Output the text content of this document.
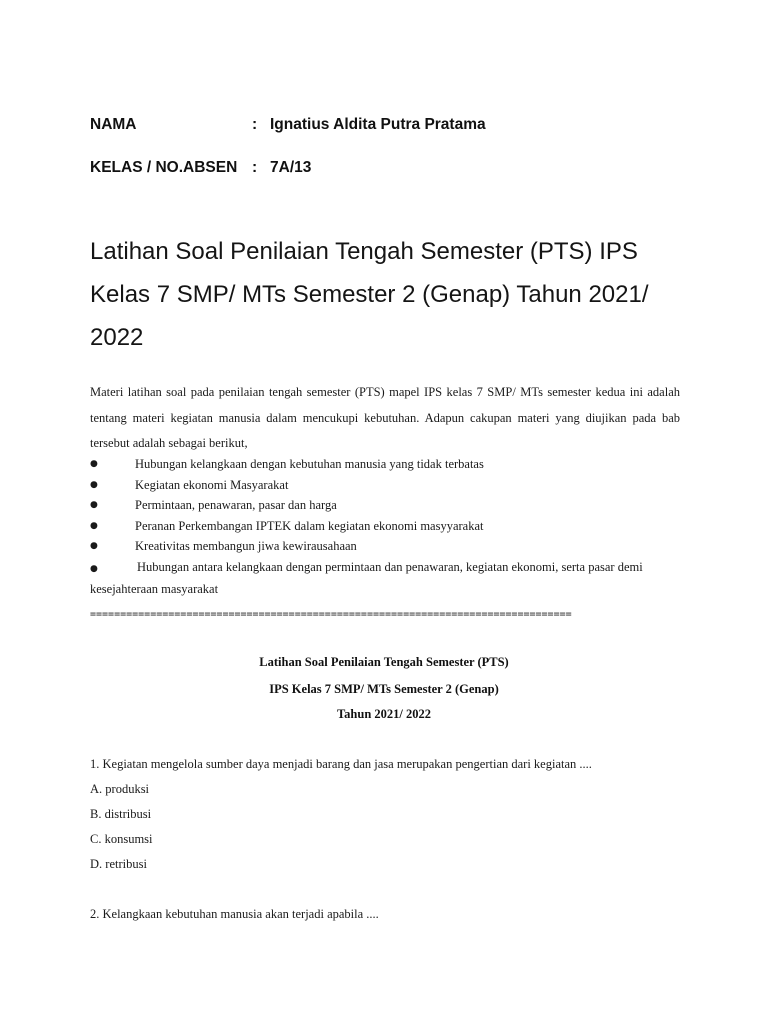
NAMA	: Ignatius Aldita Putra Pratama
KELAS / NO.ABSEN : 7A/13
Latihan Soal Penilaian Tengah Semester (PTS) IPS Kelas 7 SMP/ MTs Semester 2 (Genap) Tahun 2021/ 2022
Materi latihan soal pada penilaian tengah semester (PTS) mapel IPS kelas 7 SMP/ MTs semester kedua ini adalah tentang materi kegiatan manusia dalam mencukupi kebutuhan. Adapun cakupan materi yang diujikan pada bab tersebut adalah sebagai berikut,
●	Hubungan kelangkaan dengan kebutuhan manusia yang tidak terbatas
●	Kegiatan ekonomi Masyarakat
●	Permintaan, penawaran, pasar dan harga
●	Peranan Perkembangan IPTEK dalam kegiatan ekonomi masyyarakat
●	Kreativitas membangun jiwa kewirausahaan
●	Hubungan antara kelangkaan dengan permintaan dan penawaran, kegiatan ekonomi, serta pasar demi kesejahteraan masyarakat
================================================================================
Latihan Soal Penilaian Tengah Semester (PTS)
IPS Kelas 7 SMP/ MTs Semester 2 (Genap)
Tahun 2021/ 2022
1. Kegiatan mengelola sumber daya menjadi barang dan jasa merupakan pengertian dari kegiatan ....
A. produksi
B. distribusi
C. konsumsi
D. retribusi
2. Kelangkaan kebutuhan manusia akan terjadi apabila ....
